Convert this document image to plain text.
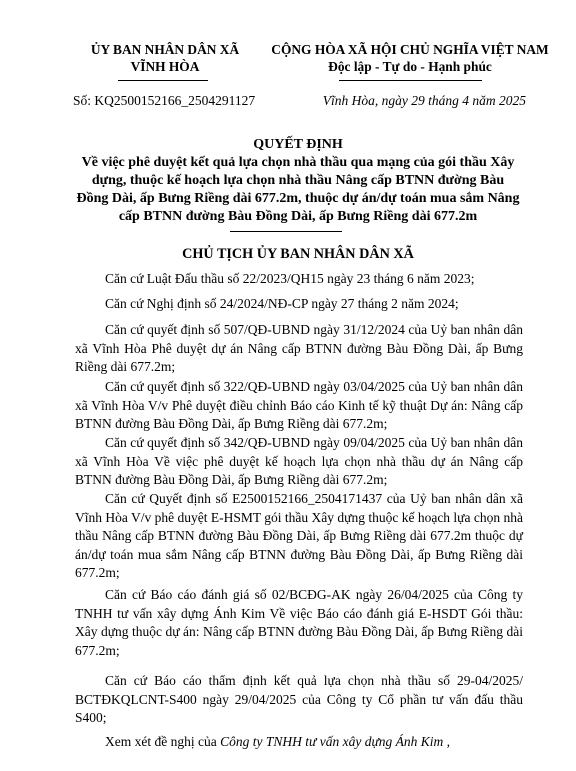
ỦY BAN NHÂN DÂN XÃ
VĨNH HÒA
CỘNG HÒA XÃ HỘI CHỦ NGHĨA VIỆT NAM
Độc lập - Tự do - Hạnh phúc
Số: KQ2500152166_2504291127	Vĩnh Hòa, ngày 29 tháng 4 năm 2025
QUYẾT ĐỊNH
Về việc phê duyệt kết quả lựa chọn nhà thầu qua mạng của gói thầu Xây dựng, thuộc kế hoạch lựa chọn nhà thầu Nâng cấp BTNN đường Bàu Đồng Dài, ấp Bưng Riềng dài 677.2m, thuộc dự án/dự toán mua sắm Nâng cấp BTNN đường Bàu Đồng Dài, ấp Bưng Riềng dài 677.2m
CHỦ TỊCH ỦY BAN NHÂN DÂN XÃ

Căn cứ Luật Đấu thầu số 22/2023/QH15 ngày 23 tháng 6 năm 2023;

Căn cứ Nghị định số 24/2024/NĐ-CP ngày 27 tháng 2 năm 2024;

Căn cứ quyết định số 507/QĐ-UBND ngày 31/12/2024 của Uỷ ban nhân dân xã Vĩnh Hòa Phê duyệt dự án Nâng cấp BTNN đường Bàu Đồng Dài, ấp Bưng Riềng dài 677.2m;

Căn cứ quyết định số 322/QĐ-UBND ngày 03/04/2025 của Uỷ ban nhân dân xã Vĩnh Hòa V/v Phê duyệt điều chỉnh Báo cáo Kinh tế kỹ thuật Dự án: Nâng cấp BTNN đường Bàu Đồng Dài, ấp Bưng Riềng dài 677.2m;

Căn cứ quyết định số 342/QĐ-UBND ngày 09/04/2025 của Uỷ ban nhân dân xã Vĩnh Hòa Về việc phê duyệt kế hoạch lựa chọn nhà thầu dự án Nâng cấp BTNN đường Bàu Đồng Dài, ấp Bưng Riềng dài 677.2m;

Căn cứ Quyết định số E2500152166_2504171437 của Uỷ ban nhân dân xã Vĩnh Hòa V/v phê duyệt E-HSMT gói thầu Xây dựng thuộc kế hoạch lựa chọn nhà thầu Nâng cấp BTNN đường Bàu Đồng Dài, ấp Bưng Riềng dài 677.2m thuộc dự án/dự toán mua sắm Nâng cấp BTNN đường Bàu Đồng Dài, ấp Bưng Riềng dài 677.2m;

Căn cứ Báo cáo đánh giá số 02/BCĐG-AK ngày 26/04/2025 của Công ty TNHH tư vấn xây dựng Ánh Kim Về việc Báo cáo đánh giá E-HSDT Gói thầu: Xây dựng thuộc dự án: Nâng cấp BTNN đường Bàu Đồng Dài, ấp Bưng Riềng dài 677.2m;

Căn cứ Báo cáo thẩm định kết quả lựa chọn nhà thầu số 29-04/2025/ BCTĐKQLCNT-S400 ngày 29/04/2025 của Công ty Cổ phần tư vấn đấu thầu S400;

Xem xét đề nghị của Công ty TNHH tư vấn xây dựng Ánh Kim ,
